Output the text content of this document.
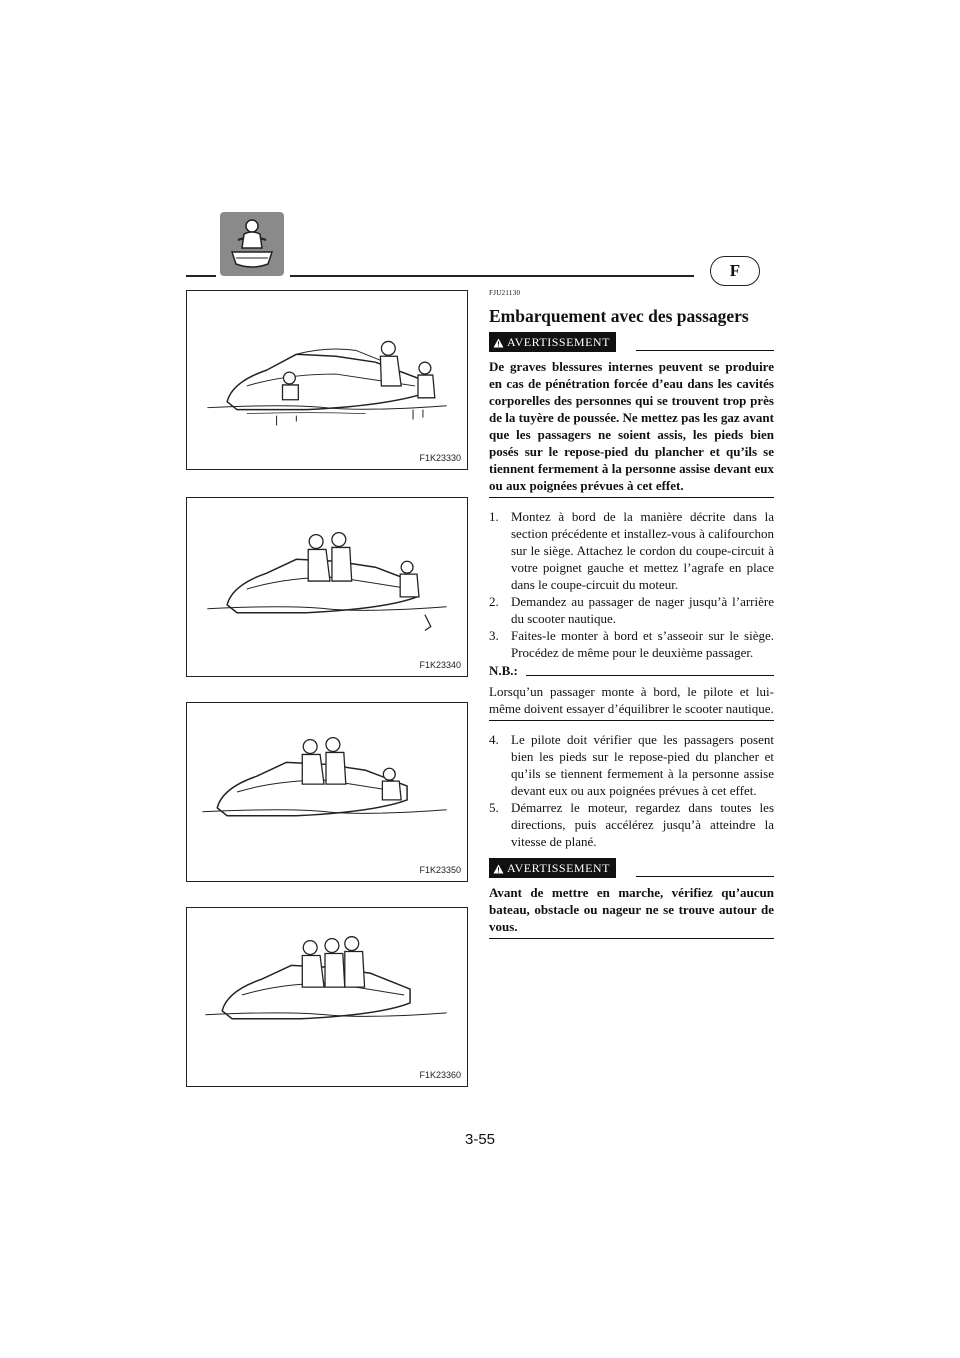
F
F1K23330
F1K23340
F1K23350
F1K23360
FJU21130
Embarquement avec des passagers
AVERTISSEMENT

De graves blessures internes peuvent se produire en cas de pénétration forcée d’eau dans les cavités corporelles des personnes qui se trouvent trop près de la tuyère de poussée. Ne mettez pas les gaz avant que les passagers ne soient assis, les pieds bien posés sur le repose-pied du plancher et qu’ils se tiennent fermement à la personne assise devant eux ou aux poignées prévues à cet effet.

1. Montez à bord de la manière décrite dans la section précédente et installez-vous à califourchon sur le siège. Attachez le cordon du coupe-circuit à votre poignet gauche et mettez l’agrafe en place dans le coupe-circuit du moteur.
2. Demandez au passager de nager jusqu’à l’arrière du scooter nautique.
3. Faites-le monter à bord et s’asseoir sur le siège. Procédez de même pour le deuxième passager.
N.B.:

Lorsqu’un passager monte à bord, le pilote et lui-même doivent essayer d’équilibrer le scooter nautique.

4. Le pilote doit vérifier que les passagers posent bien les pieds sur le repose-pied du plancher et qu’ils se tiennent fermement à la personne assise devant eux ou aux poignées prévues à cet effet.
5. Démarrez le moteur, regardez dans toutes les directions, puis accélérez jusqu’à atteindre la vitesse de plané.
AVERTISSEMENT

Avant de mettre en marche, vérifiez qu’aucun bateau, obstacle ou nageur ne se trouve autour de vous.

3-55
